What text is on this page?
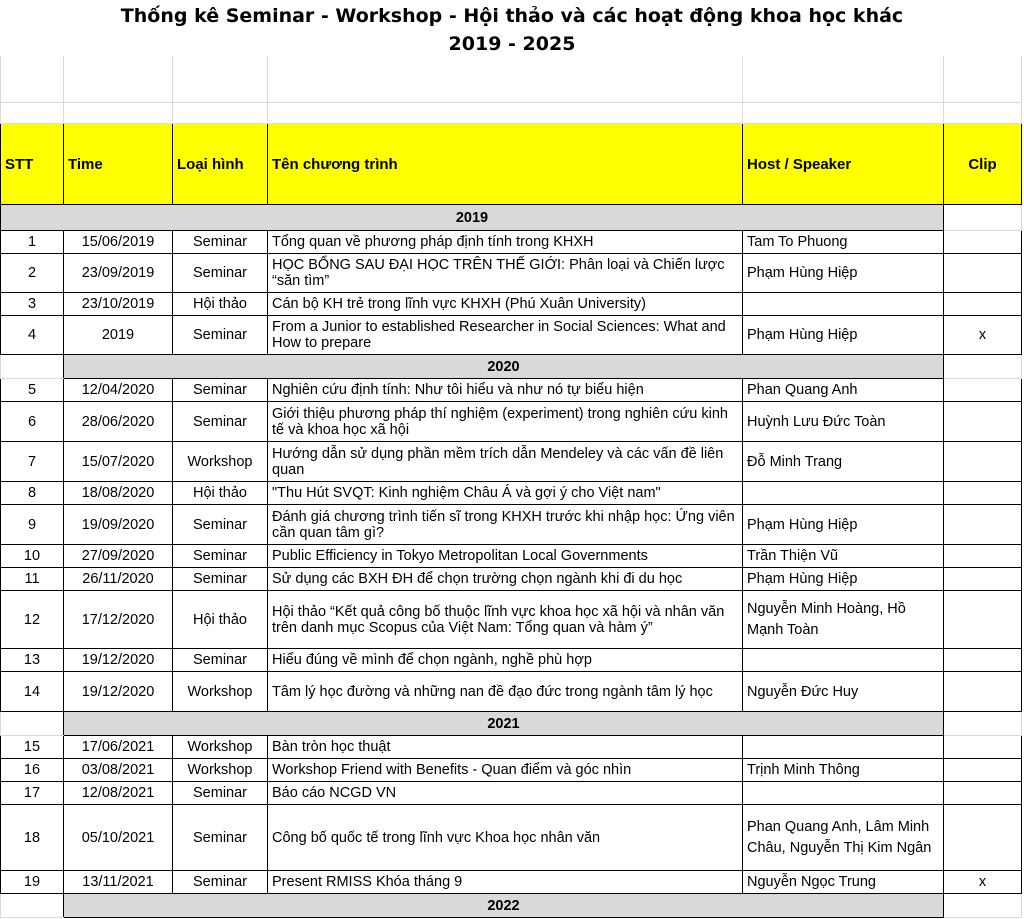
STT	Time	Loại hình	Tên chương trình	Host / Speaker	Clip
2019					
1	15/06/2019	Seminar	Tổng quan về phương pháp định tính trong KHXH	Tam To Phuong	
2	23/09/2019	Seminar	HỌC BỔNG SAU ĐẠI HỌC TRÊN THẾ GIỚI: Phân loại và Chiến lược “săn tìm”	Phạm Hùng Hiệp	
3	23/10/2019	Hội thảo	Cán bộ KH trẻ trong lĩnh vực KHXH (Phú Xuân University)		
4	2019	Seminar	From a Junior to established Researcher in Social Sciences: What and How to prepare	Phạm Hùng Hiệp	x
	2020				
5	12/04/2020	Seminar	Nghiên cứu định tính: Như tôi hiểu và như nó tự biểu hiện	Phan Quang Anh	
6	28/06/2020	Seminar	Giới thiệu phương pháp thí nghiệm (experiment) trong nghiên cứu kinh tế và khoa học xã hội	Huỳnh Lưu Đức Toàn	
7	15/07/2020	Workshop	Hướng dẫn sử dụng phần mềm trích dẫn Mendeley và các vấn đề liên quan	Đỗ Minh Trang	
8	18/08/2020	Hội thảo	"Thu Hút SVQT: Kinh nghiệm Châu Á và gợi ý cho Việt nam"		
9	19/09/2020	Seminar	Đánh giá chương trình tiến sĩ trong KHXH trước khi nhập học: Ứng viên cần quan tâm gì?	Phạm Hùng Hiệp	
10	27/09/2020	Seminar	Public Efficiency in Tokyo Metropolitan Local Governments	Trần Thiện Vũ	
11	26/11/2020	Seminar	Sử dụng các BXH ĐH để chọn trường chọn ngành khi đi du học	Phạm Hùng Hiệp	
12	17/12/2020	Hội thảo	Hội thảo “Kết quả công bố thuộc lĩnh vực khoa học xã hội và nhân văn trên danh mục Scopus của Việt Nam: Tổng quan và hàm ý”	Nguyễn Minh Hoàng, Hồ Mạnh Toàn	
13	19/12/2020	Seminar	Hiểu đúng về mình để chọn ngành, nghề phù hợp		
14	19/12/2020	Workshop	Tâm lý học đường và những nan đề đạo đức trong ngành tâm lý học	Nguyễn Đức Huy	
	2021				
15	17/06/2021	Workshop	Bàn tròn học thuật		
16	03/08/2021	Workshop	Workshop Friend with Benefits - Quan điểm và góc nhìn	Trịnh Minh Thông	
17	12/08/2021	Seminar	Báo cáo NCGD VN		
18	05/10/2021	Seminar	Công bố quốc tế trong lĩnh vực Khoa học nhân văn	Phan Quang Anh, Lâm Minh Châu, Nguyễn Thị Kim Ngân	
19	13/11/2021	Seminar	Present RMISS Khóa tháng 9	Nguyễn Ngọc Trung	x
	2022				
Thống kê Seminar - Workshop - Hội thảo và các hoạt động khoa học khác
2019 - 2025
